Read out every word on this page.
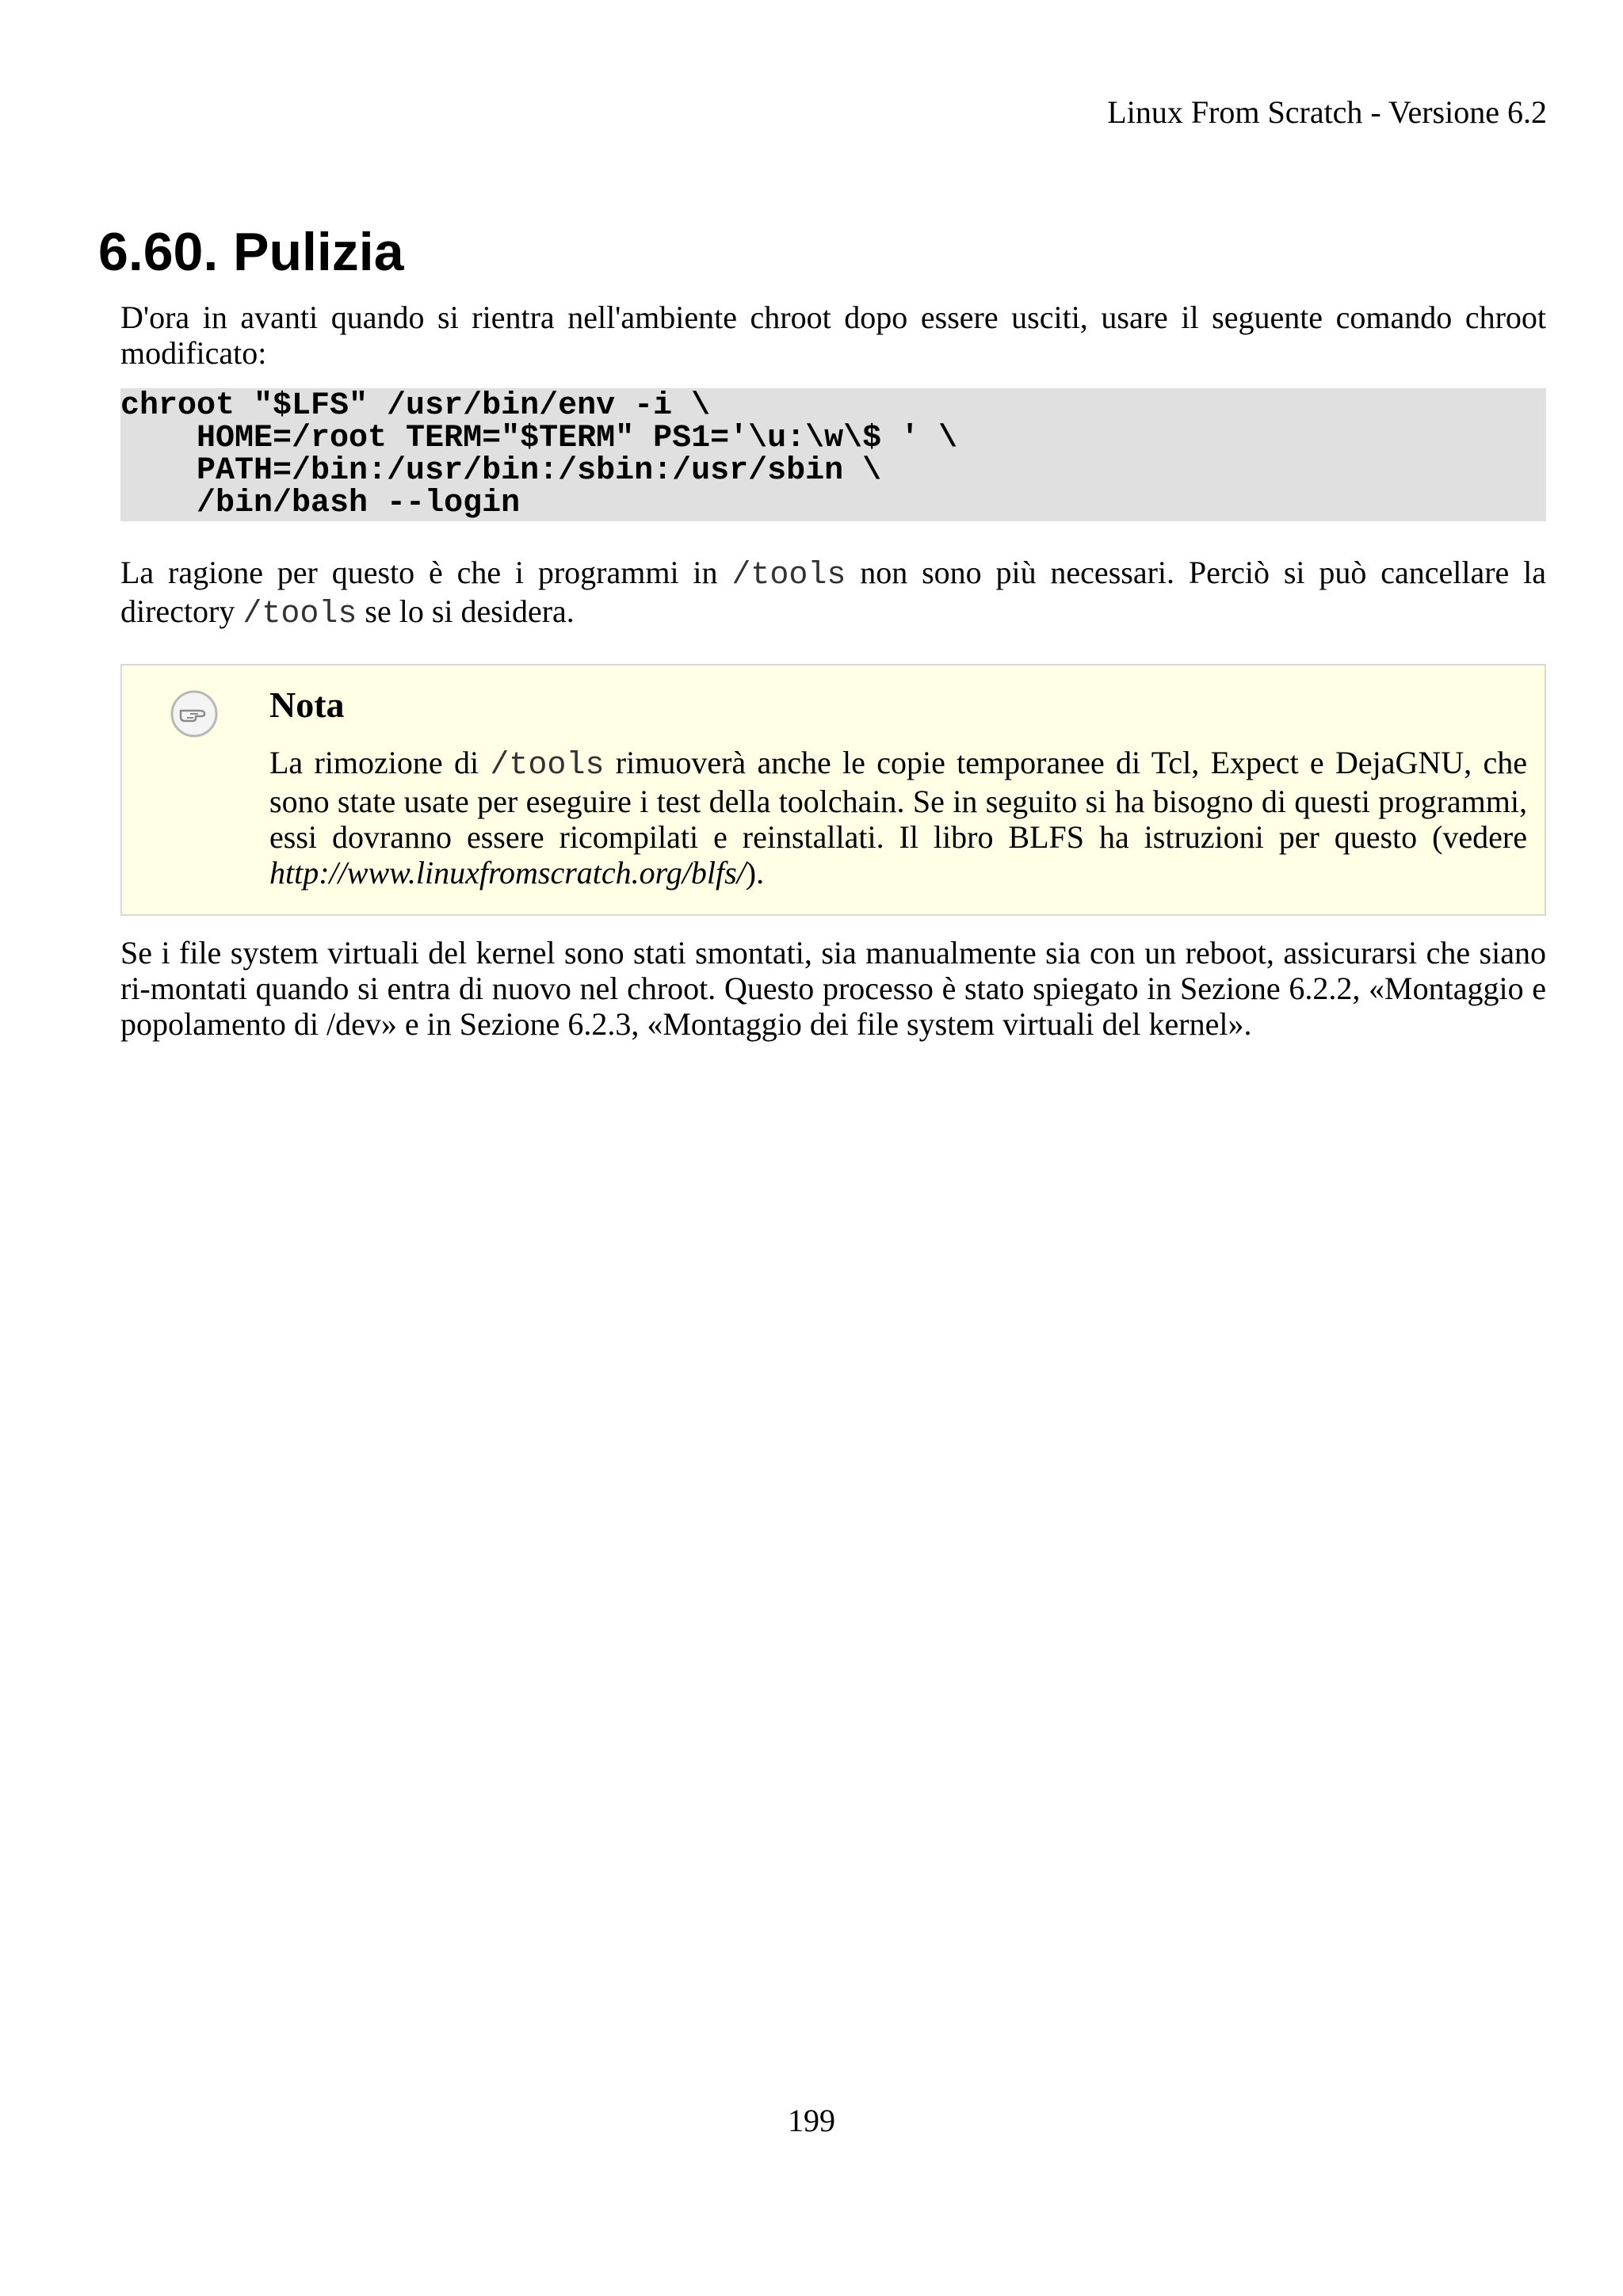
Linux From Scratch - Versione 6.2
6.60. Pulizia

D'ora in avanti quando si rientra nell'ambiente chroot dopo essere usciti, usare il seguente comando chroot modificato:

chroot "$LFS" /usr/bin/env -i \
HOME=/root TERM="$TERM" PS1='\u:\w\$ ' \
PATH=/bin:/usr/bin:/sbin:/usr/sbin \
/bin/bash --login

La ragione per questo è che i programmi in /tools non sono più necessari. Perciò si può cancellare la directory /tools se lo si desidera.

Nota

La rimozione di /tools rimuoverà anche le copie temporanee di Tcl, Expect e DejaGNU, che sono state usate per eseguire i test della toolchain. Se in seguito si ha bisogno di questi programmi, essi dovranno essere ricompilati e reinstallati. Il libro BLFS ha istruzioni per questo (vedere http://www.linuxfromscratch.org/blfs/).

Se i file system virtuali del kernel sono stati smontati, sia manualmente sia con un reboot, assicurarsi che siano ri-montati quando si entra di nuovo nel chroot. Questo processo è stato spiegato in Sezione 6.2.2, «Montaggio e popolamento di /dev» e in Sezione 6.2.3, «Montaggio dei file system virtuali del kernel».

199
